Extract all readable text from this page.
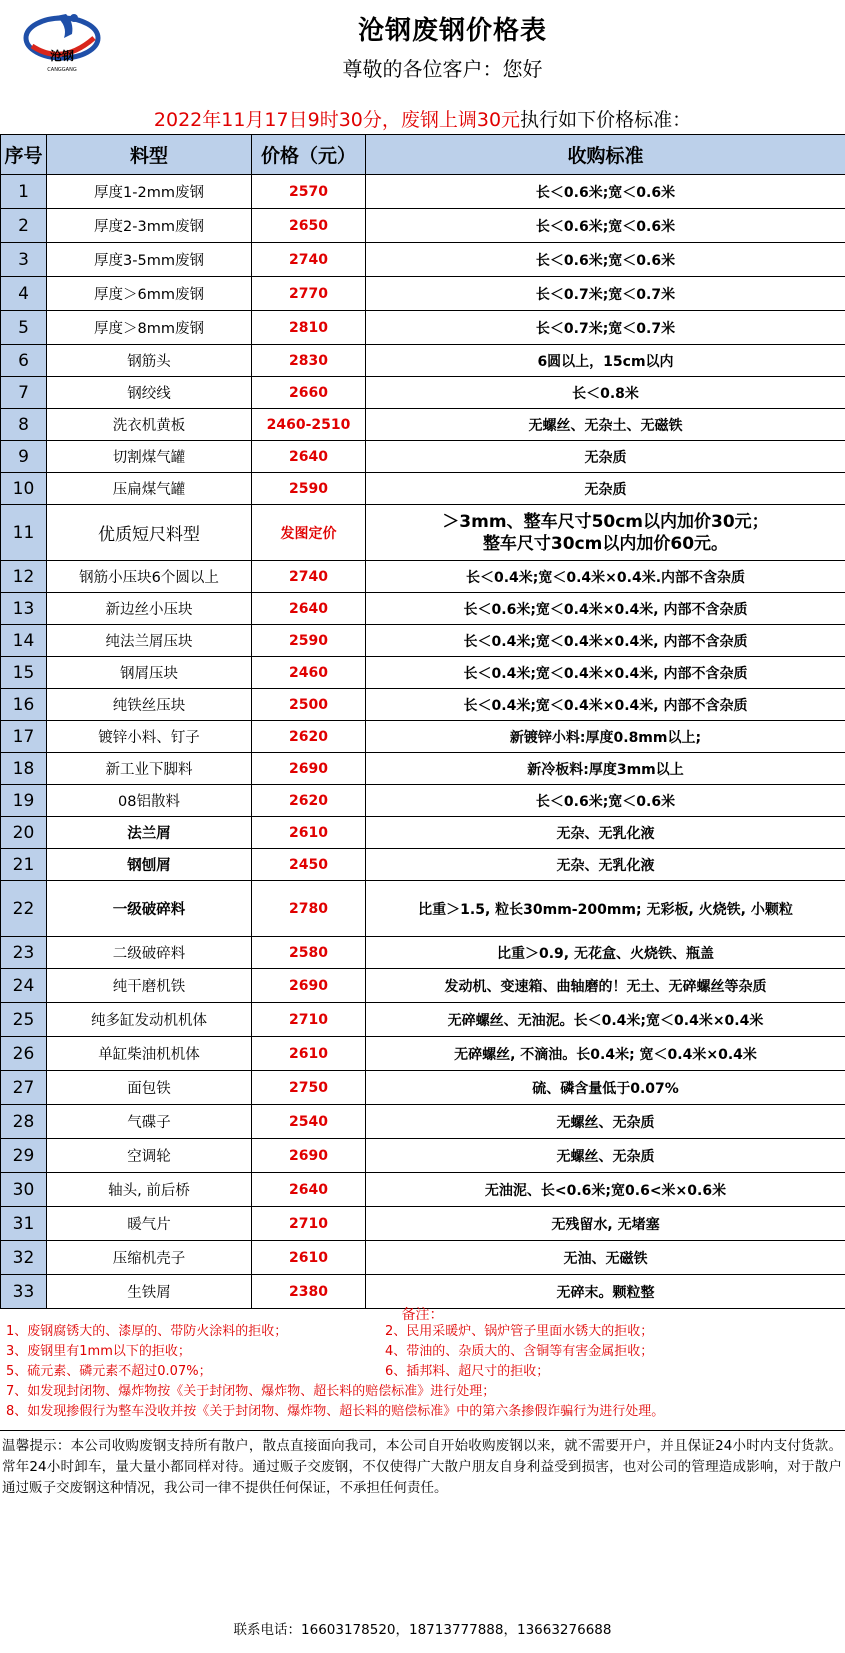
沧钢
CANGGANG
沧钢废钢价格表
尊敬的各位客户：您好
2022年11月17日9时30分，废钢上调30元执行如下价格标准：
序号	料型	价格（元）	收购标准
1	厚度1-2mm废钢	2570	长＜0.6米;宽＜0.6米
2	厚度2-3mm废钢	2650	长＜0.6米;宽＜0.6米
3	厚度3-5mm废钢	2740	长＜0.6米;宽＜0.6米
4	厚度＞6mm废钢	2770	长＜0.7米;宽＜0.7米
5	厚度＞8mm废钢	2810	长＜0.7米;宽＜0.7米
6	钢筋头	2830	6圆以上，15cm以内
7	钢绞线	2660	长＜0.8米
8	洗衣机黄板	2460-2510	无螺丝、无杂土、无磁铁
9	切割煤气罐	2640	无杂质
10	压扁煤气罐	2590	无杂质
11	优质短尺料型	发图定价	＞3mm、整车尺寸50cm以内加价30元；
整车尺寸30cm以内加价60元。

12	钢筋小压块6个圆以上	2740	长＜0.4米;宽＜0.4米×0.4米.内部不含杂质
13	新边丝小压块	2640	长＜0.6米;宽＜0.4米×0.4米, 内部不含杂质
14	纯法兰屑压块	2590	长＜0.4米;宽＜0.4米×0.4米, 内部不含杂质
15	钢屑压块	2460	长＜0.4米;宽＜0.4米×0.4米, 内部不含杂质
16	纯铁丝压块	2500	长＜0.4米;宽＜0.4米×0.4米, 内部不含杂质
17	镀锌小料、钉子	2620	新镀锌小料:厚度0.8mm以上;
18	新工业下脚料	2690	新冷板料:厚度3mm以上
19	08铝散料	2620	长＜0.6米;宽＜0.6米
20	法兰屑	2610	无杂、无乳化液
21	钢刨屑	2450	无杂、无乳化液
22	一级破碎料	2780	比重＞1.5, 粒长30mm-200mm; 无彩板, 火烧铁, 小颗粒
23	二级破碎料	2580	比重＞0.9, 无花盒、火烧铁、瓶盖
24	纯干磨机铁	2690	发动机、变速箱、曲轴磨的！无土、无碎螺丝等杂质
25	纯多缸发动机机体	2710	无碎螺丝、无油泥。长＜0.4米;宽＜0.4米×0.4米
26	单缸柴油机机体	2610	无碎螺丝, 不滴油。长0.4米; 宽＜0.4米×0.4米
27	面包铁	2750	硫、磷含量低于0.07%
28	气碟子	2540	无螺丝、无杂质
29	空调轮	2690	无螺丝、无杂质
30	轴头, 前后桥	2640	无油泥、长<0.6米;宽0.6<米×0.6米
31	暖气片	2710	无残留水, 无堵塞
32	压缩机壳子	2610	无油、无磁铁
33	生铁屑	2380	无碎末。颗粒整
备注：
1、废钢腐锈大的、漆厚的、带防火涂料的拒收；	2、民用采暖炉、锅炉管子里面水锈大的拒收；
3、废钢里有1mm以下的拒收；	4、带油的、杂质大的、含铜等有害金属拒收；
5、硫元素、磷元素不超过0.07%；	6、插邦料、超尺寸的拒收；
7、如发现封闭物、爆炸物按《关于封闭物、爆炸物、超长料的赔偿标准》进行处理；
8、如发现掺假行为整车没收并按《关于封闭物、爆炸物、超长料的赔偿标准》中的第六条掺假诈骗行为进行处理。
温馨提示：本公司收购废钢支持所有散户，散点直接面向我司，本公司自开始收购废钢以来，就不需要开户，并且保证24小时内支付货款。常年24小时卸车，量大量小都同样对待。通过贩子交废钢，不仅使得广大散户朋友自身利益受到损害，也对公司的管理造成影响，对于散户通过贩子交废钢这种情况，我公司一律不提供任何保证，不承担任何责任。
联系电话：16603178520，18713777888，13663276688
